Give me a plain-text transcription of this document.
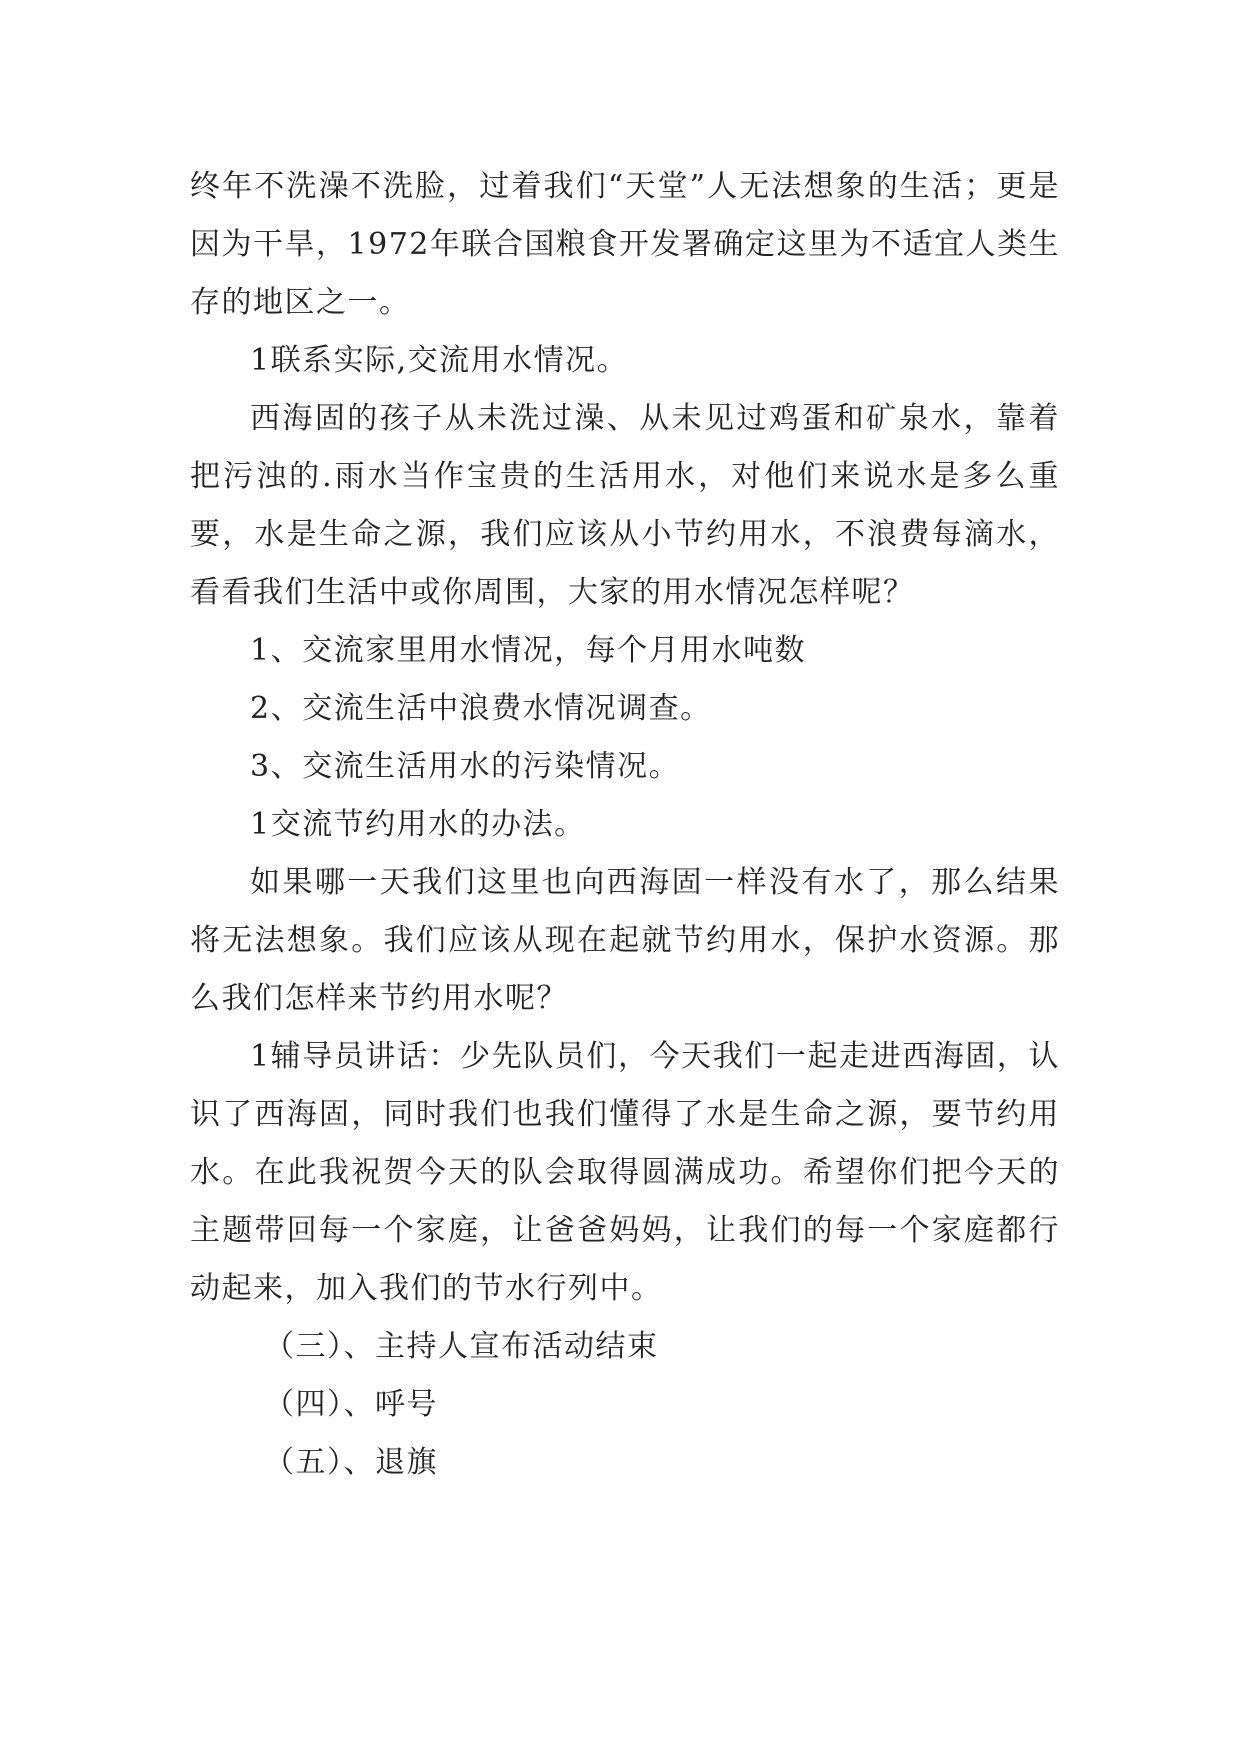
终年不洗澡不洗脸，过着我们“天堂”人无法想象的生活；更是因为干旱，1972年联合国粮食开发署确定这里为不适宜人类生存的地区之一。

1联系实际,交流用水情况。

西海固的孩子从未洗过澡、从未见过鸡蛋和矿泉水，靠着把污浊的.雨水当作宝贵的生活用水，对他们来说水是多么重要，水是生命之源，我们应该从小节约用水，不浪费每滴水，看看我们生活中或你周围，大家的用水情况怎样呢？

1、交流家里用水情况，每个月用水吨数

2、交流生活中浪费水情况调查。

3、交流生活用水的污染情况。

1交流节约用水的办法。

如果哪一天我们这里也向西海固一样没有水了，那么结果将无法想象。我们应该从现在起就节约用水，保护水资源。那么我们怎样来节约用水呢？

1辅导员讲话：少先队员们，今天我们一起走进西海固，认识了西海固，同时我们也我们懂得了水是生命之源，要节约用水。在此我祝贺今天的队会取得圆满成功。希望你们把今天的主题带回每一个家庭，让爸爸妈妈，让我们的每一个家庭都行动起来，加入我们的节水行列中。

（三）、主持人宣布活动结束

（四）、呼号

（五）、退旗
